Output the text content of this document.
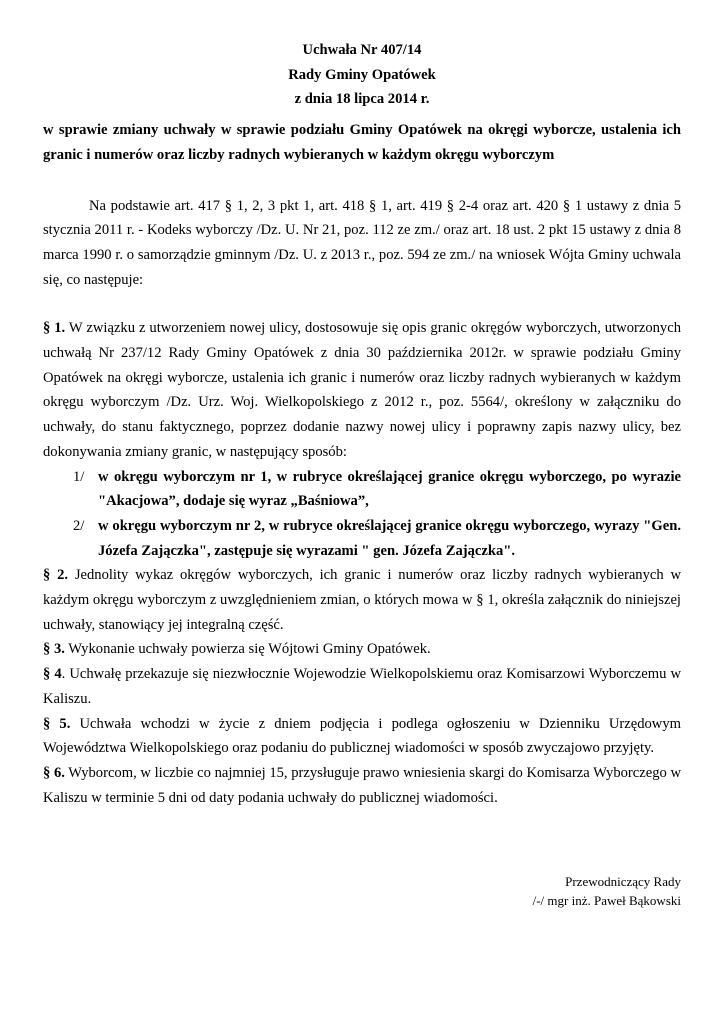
Uchwała Nr 407/14
Rady Gminy Opatówek
z dnia 18 lipca 2014 r.
w sprawie zmiany uchwały w sprawie podziału Gminy Opatówek na okręgi wyborcze, ustalenia ich granic i numerów oraz liczby radnych wybieranych w każdym okręgu wyborczym
Na podstawie art. 417 § 1, 2, 3 pkt 1, art. 418 § 1, art. 419 § 2-4 oraz art. 420 § 1 ustawy z dnia 5 stycznia 2011 r. - Kodeks wyborczy /Dz. U. Nr 21, poz. 112 ze zm./ oraz art. 18 ust. 2 pkt 15 ustawy z dnia 8 marca 1990 r. o samorządzie gminnym /Dz. U. z 2013 r., poz. 594 ze zm./ na wniosek Wójta Gminy uchwala się, co następuje:
§ 1. W związku z utworzeniem nowej ulicy, dostosowuje się opis granic okręgów wyborczych, utworzonych uchwałą Nr 237/12 Rady Gminy Opatówek z dnia 30 października 2012r. w sprawie podziału Gminy Opatówek na okręgi wyborcze, ustalenia ich granic i numerów oraz liczby radnych wybieranych w każdym okręgu wyborczym /Dz. Urz. Woj. Wielkopolskiego z 2012 r., poz. 5564/, określony w załączniku do uchwały, do stanu faktycznego, poprzez dodanie nazwy nowej ulicy i poprawny zapis nazwy ulicy, bez dokonywania zmiany granic, w następujący sposób:
1/ w okręgu wyborczym nr 1, w rubryce określającej granice okręgu wyborczego, po wyrazie "Akacjowa”, dodaje się wyraz „Baśniowa”,
2/ w okręgu wyborczym nr 2, w rubryce określającej granice okręgu wyborczego, wyrazy "Gen. Józefa Zajączka", zastępuje się wyrazami " gen. Józefa Zajączka".
§ 2. Jednolity wykaz okręgów wyborczych, ich granic i numerów oraz liczby radnych wybieranych w każdym okręgu wyborczym z uwzględnieniem zmian, o których mowa w § 1, określa załącznik do niniejszej uchwały, stanowiący jej integralną część.
§ 3. Wykonanie uchwały powierza się Wójtowi Gminy Opatówek.
§ 4. Uchwałę przekazuje się niezwłocznie Wojewodzie Wielkopolskiemu oraz Komisarzowi Wyborczemu w Kaliszu.
§ 5. Uchwała wchodzi w życie z dniem podjęcia i podlega ogłoszeniu w Dzienniku Urzędowym Województwa Wielkopolskiego oraz podaniu do publicznej wiadomości w sposób zwyczajowo przyjęty.
§ 6. Wyborcom, w liczbie co najmniej 15, przysługuje prawo wniesienia skargi do Komisarza Wyborczego w Kaliszu w terminie 5 dni od daty podania uchwały do publicznej wiadomości.
Przewodniczący Rady
/-/ mgr inż. Paweł Bąkowski
